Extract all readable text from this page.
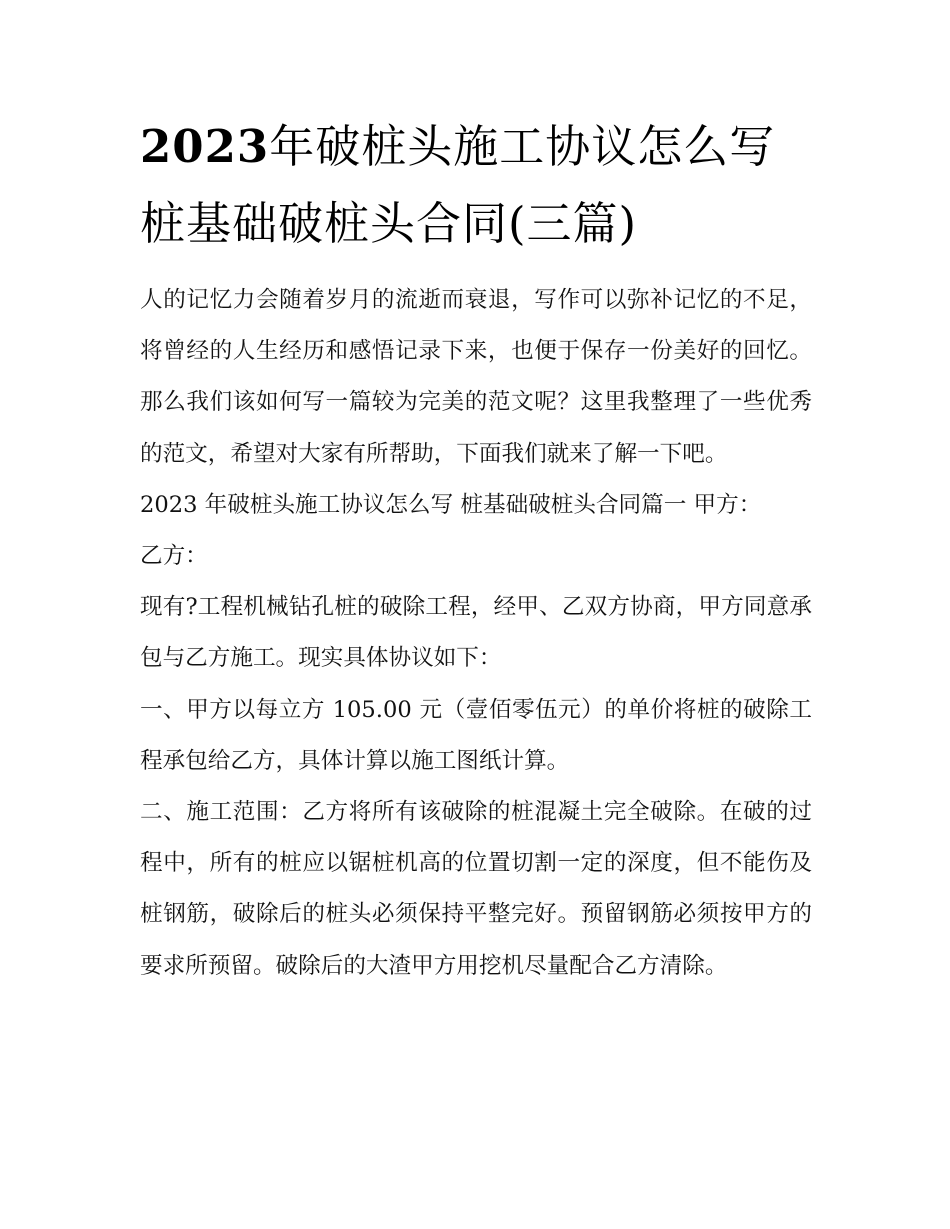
2023年破桩头施工协议怎么写
桩基础破桩头合同(三篇)

人的记忆力会随着岁月的流逝而衰退，写作可以弥补记忆的不足，将曾经的人生经历和感悟记录下来，也便于保存一份美好的回忆。那么我们该如何写一篇较为完美的范文呢？这里我整理了一些优秀的范文，希望对大家有所帮助，下面我们就来了解一下吧。

2023 年破桩头施工协议怎么写 桩基础破桩头合同篇一 甲方：

乙方：

现有?工程机械钻孔桩的破除工程，经甲、乙双方协商，甲方同意承包与乙方施工。现实具体协议如下：

一、甲方以每立方 105.00 元（壹佰零伍元）的单价将桩的破除工程承包给乙方，具体计算以施工图纸计算。

二、施工范围：乙方将所有该破除的桩混凝土完全破除。在破的过程中，所有的桩应以锯桩机高的位置切割一定的深度，但不能伤及桩钢筋，破除后的桩头必须保持平整完好。预留钢筋必须按甲方的要求所预留。破除后的大渣甲方用挖机尽量配合乙方清除。
